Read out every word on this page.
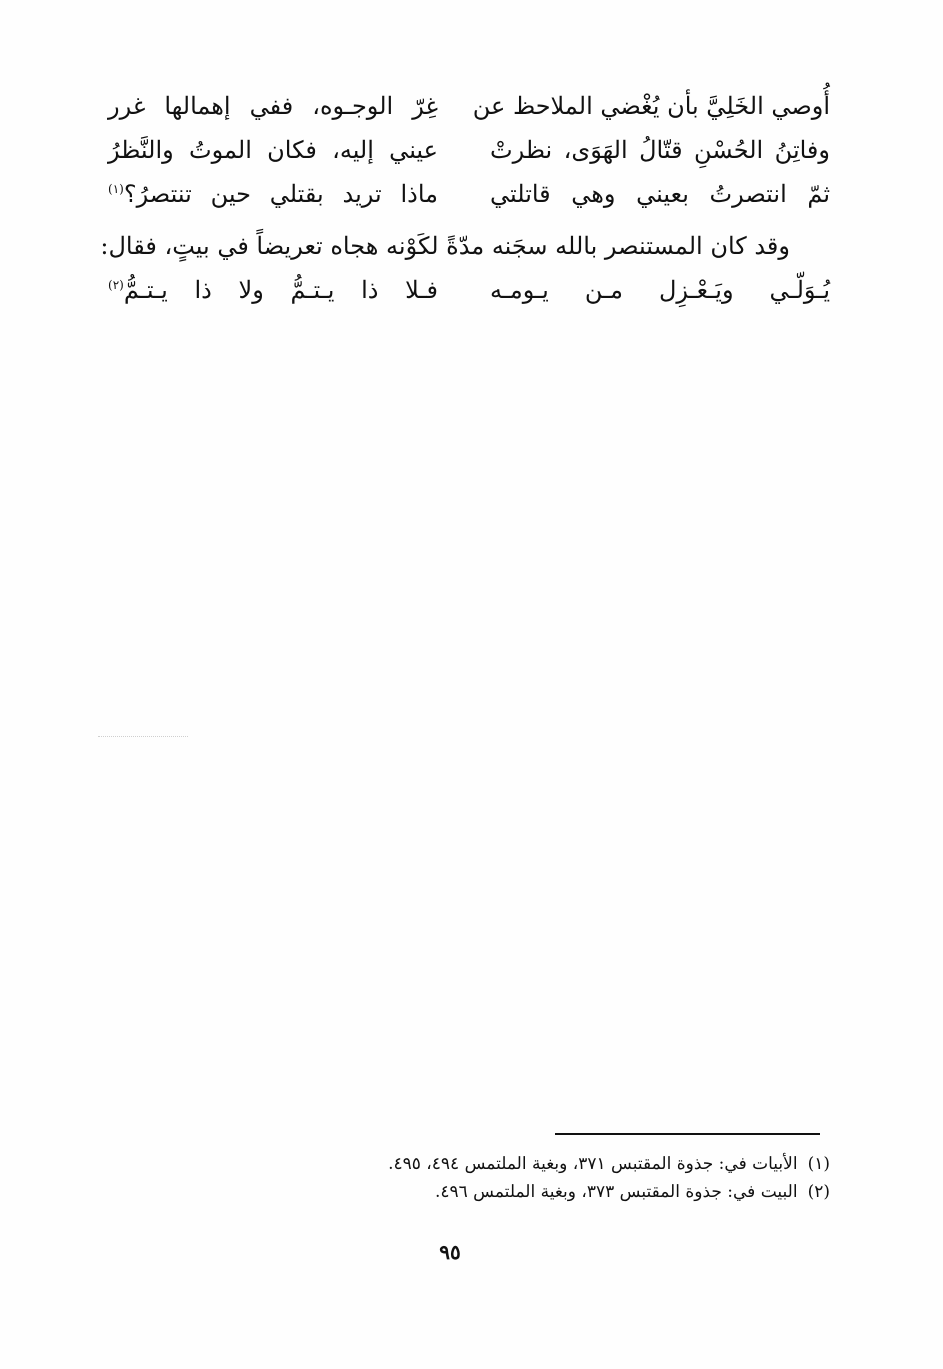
أُوصي الخَلِيَّ بأن يُغْضي الملاحظ عن
غِرّ الوجـوه، ففي إهمالها غرر
وفاتِنُ الحُسْنِ قتّالُ الهَوَى، نظرتْ
عيني إليه، فكان الموتُ والنَّظرُ
ثمّ انتصرتُ بعيني وهي قاتلتي
ماذا تريد بقتلي حين تنتصرُ؟$^{(١)}$
وقد كان المستنصر بالله سجَنه مدّةً لكَوْنه هجاه تعريضاً في بيتٍ، فقال:
يُـوَلّـي ويَـعْـزِل مـن يـومـه
فـلا ذا يـتـمُّ ولا ذا يـتـمُّ$^{(٢)}$
(١)الأبيات في: جذوة المقتبس ٣٧١، وبغية الملتمس ٤٩٤، ٤٩٥.
(٢)البيت في: جذوة المقتبس ٣٧٣، وبغية الملتمس ٤٩٦.
٩٥
